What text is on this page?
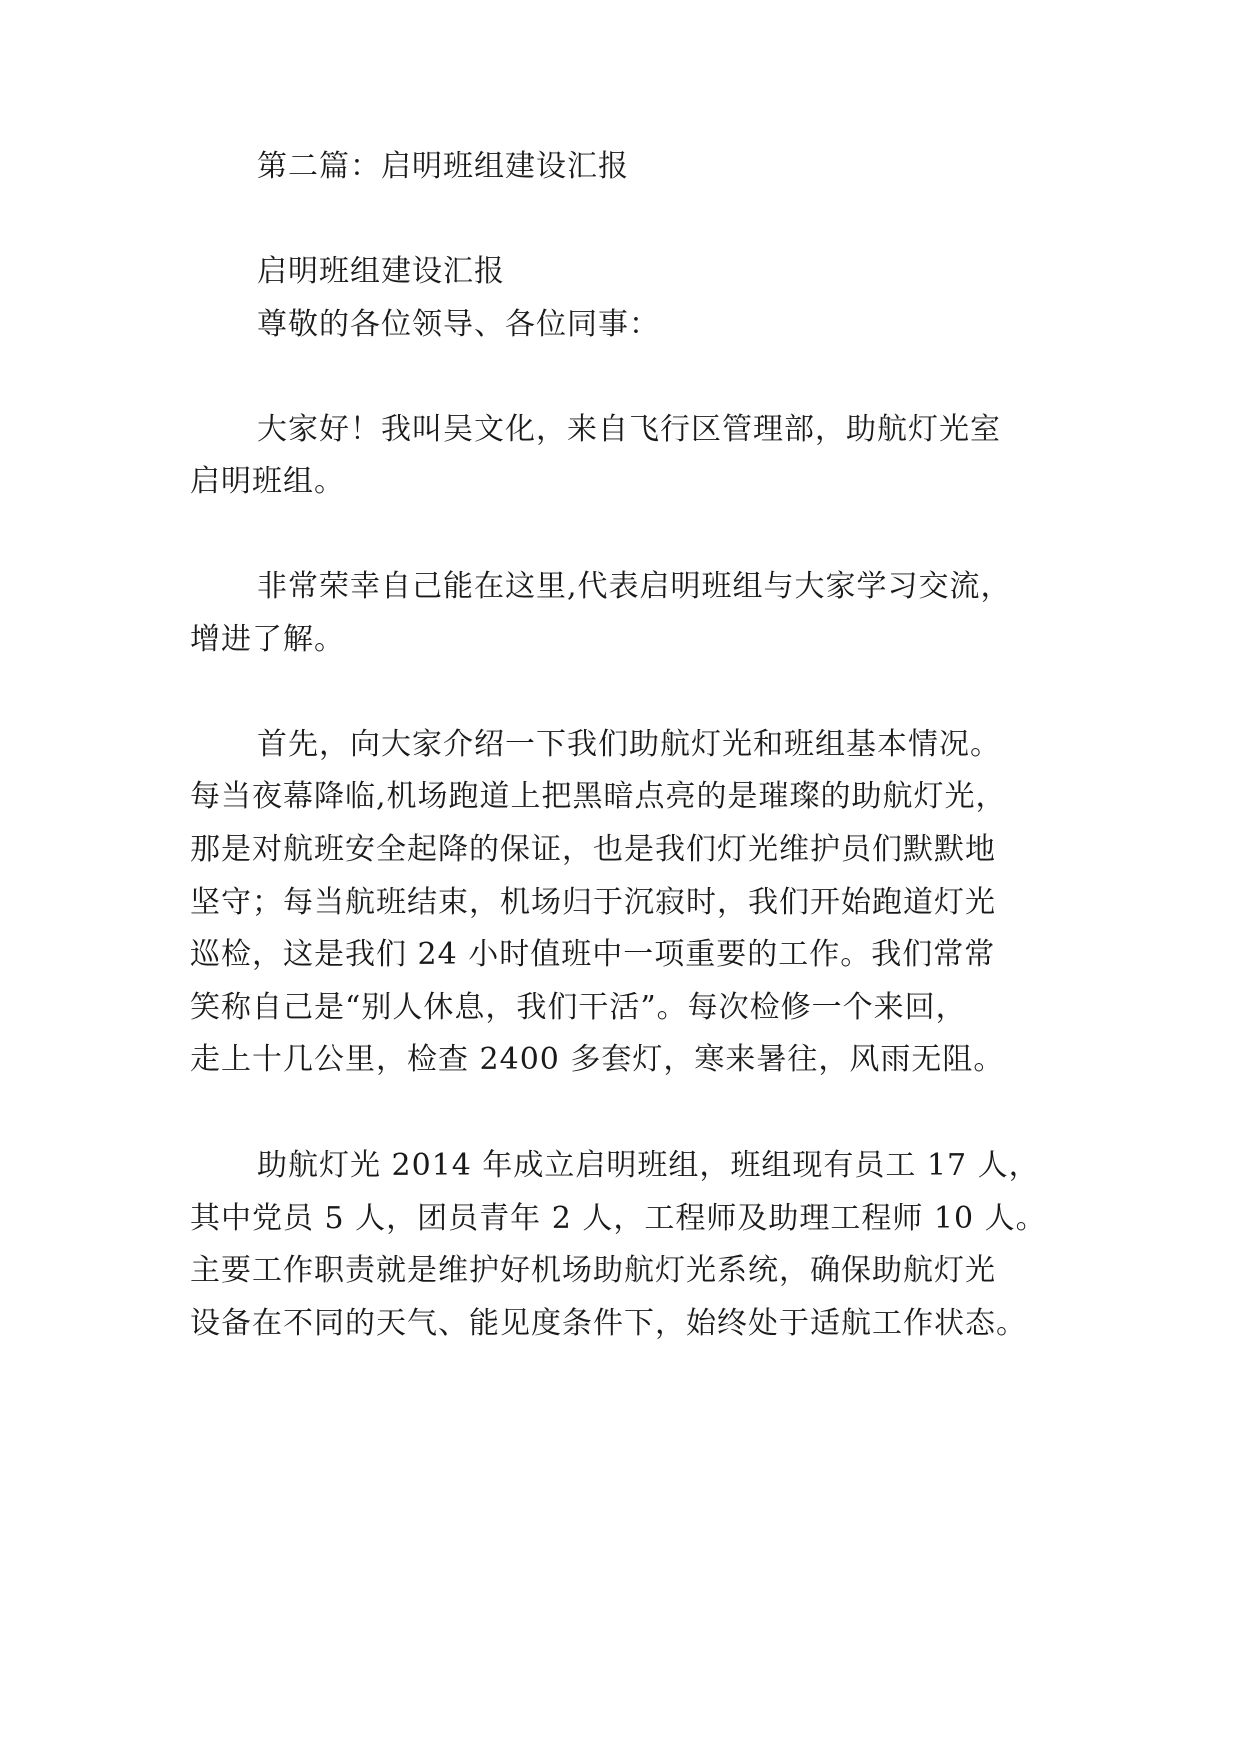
第二篇：启明班组建设汇报
启明班组建设汇报
尊敬的各位领导、各位同事：
大家好！我叫吴文化，来自飞行区管理部，助航灯光室
启明班组。
非常荣幸自己能在这里,代表启明班组与大家学习交流，
增进了解。
首先，向大家介绍一下我们助航灯光和班组基本情况。
每当夜幕降临,机场跑道上把黑暗点亮的是璀璨的助航灯光，
那是对航班安全起降的保证，也是我们灯光维护员们默默地
坚守；每当航班结束，机场归于沉寂时，我们开始跑道灯光
巡检，这是我们 24 小时值班中一项重要的工作。我们常常
笑称自己是“别人休息，我们干活”。每次检修一个来回，
走上十几公里，检查 2400 多套灯，寒来暑往，风雨无阻。
助航灯光 2014 年成立启明班组，班组现有员工 17 人，
其中党员 5 人，团员青年 2 人，工程师及助理工程师 10 人。
主要工作职责就是维护好机场助航灯光系统，确保助航灯光
设备在不同的天气、能见度条件下，始终处于适航工作状态。
